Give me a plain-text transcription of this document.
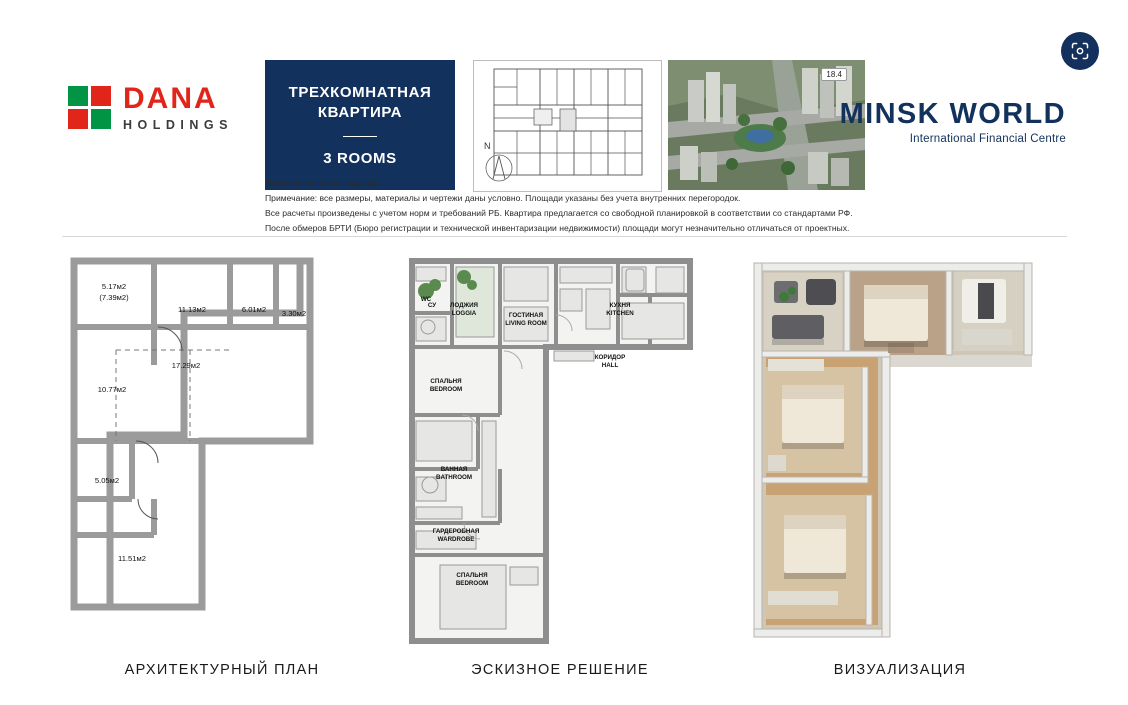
DANA
HOLDINGS
ТРЕХКОМНАТНАЯ КВАРТИРА
3 ROOMS
N
18.4
MINSK WORLD
International Financial Centre
Эскизное решение квартиры
Примечание: все размеры, материалы и чертежи даны условно. Площади указаны без учета внутренних перегородок.
Все расчеты произведены с учетом норм и требований РБ. Квартира предлагается со свободной планировкой в соответствии со стандартами РФ.
После обмеров БРТИ (Бюро регистрации и технической инвентаризации недвижимости) площади могут незначительно отличаться от проектных.
5.17м2
(7.39м2)
11.13м2	6.01м2 3.30м2
17.29м2
10.77м2
5.05м2
11.51м2
СУ
WC
ЛОДЖИЯ
LOGGIA	ГОСТИНАЯ
LIVING ROOM
КУХНЯ
KITCHEN
КОРИДОР
HALL
СПАЛЬНЯ
BEDROOM
ВАННАЯ
BATHROOM
ГАРДЕРОБНАЯ
WARDROBE
СПАЛЬНЯ
BEDROOM
АРХИТЕКТУРНЫЙ ПЛАН	ЭСКИЗНОЕ РЕШЕНИЕ	ВИЗУАЛИЗАЦИЯ
